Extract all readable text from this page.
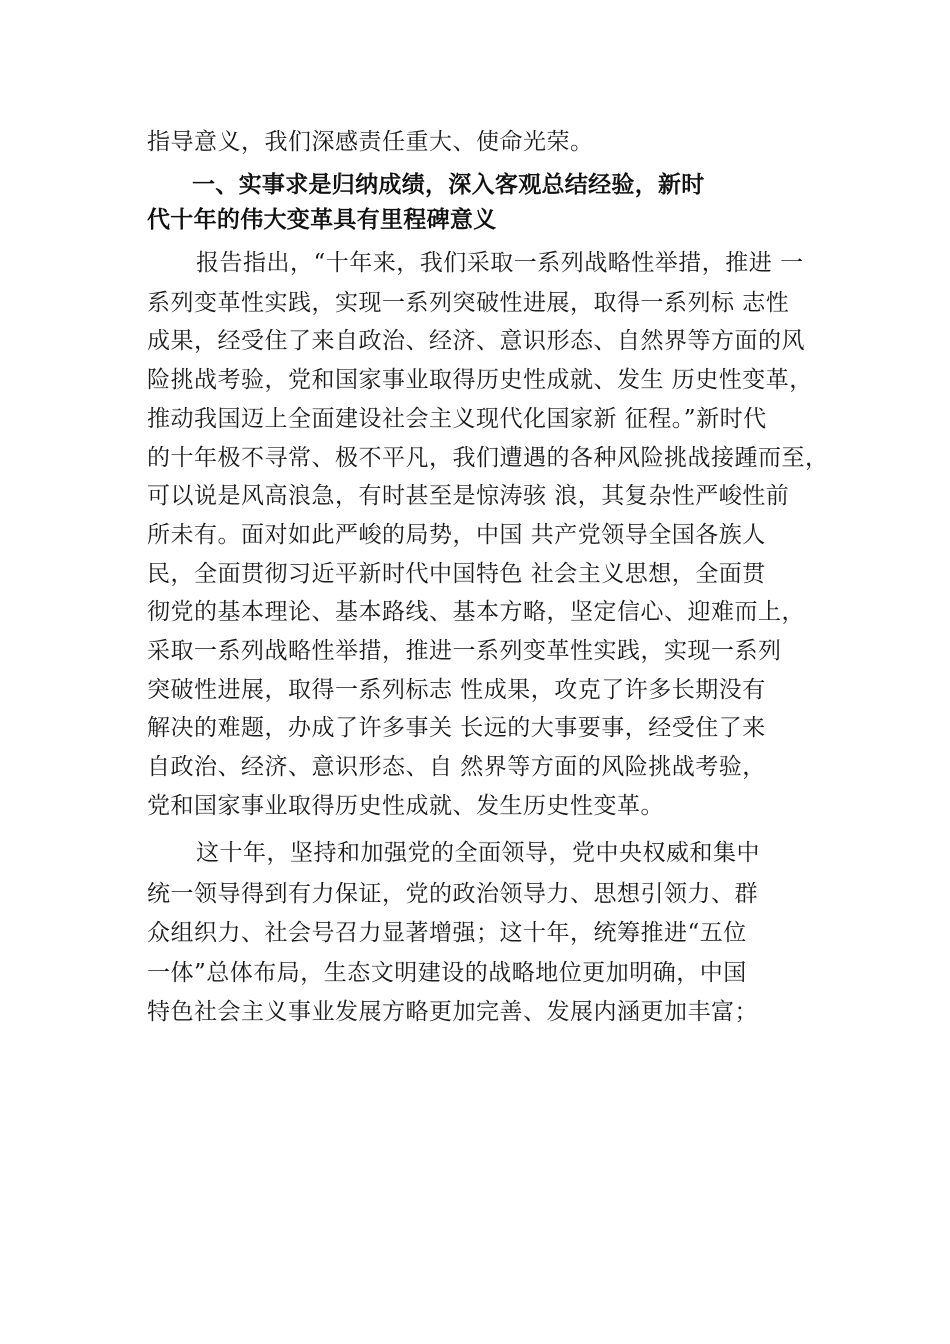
指导意义，我们深感责任重大、使命光荣。
一、实事求是归纳成绩，深入客观总结经验，新时
代十年的伟大变革具有里程碑意义
报告指出，“十年来，我们采取一系列战略性举措，推进 一
系列变革性实践，实现一系列突破性进展，取得一系列标 志性
成果，经受住了来自政治、经济、意识形态、自然界等方面的风
险挑战考验，党和国家事业取得历史性成就、发生 历史性变革，
推动我国迈上全面建设社会主义现代化国家新 征程。”新时代
的十年极不寻常、极不平凡，我们遭遇的各种风险挑战接踵而至，
可以说是风高浪急，有时甚至是惊涛骇 浪，其复杂性严峻性前
所未有。面对如此严峻的局势，中国 共产党领导全国各族人
民，全面贯彻习近平新时代中国特色 社会主义思想，全面贯
彻党的基本理论、基本路线、基本方略，坚定信心、迎难而上，
采取一系列战略性举措，推进一系列变革性实践，实现一系列
突破性进展，取得一系列标志 性成果，攻克了许多长期没有
解决的难题，办成了许多事关 长远的大事要事，经受住了来
自政治、经济、意识形态、自 然界等方面的风险挑战考验，
党和国家事业取得历史性成就、发生历史性变革。
这十年，坚持和加强党的全面领导，党中央权威和集中
统一领导得到有力保证，党的政治领导力、思想引领力、群
众组织力、社会号召力显著增强；这十年，统筹推进“五位
一体”总体布局，生态文明建设的战略地位更加明确，中国
特色社会主义事业发展方略更加完善、发展内涵更加丰富；
